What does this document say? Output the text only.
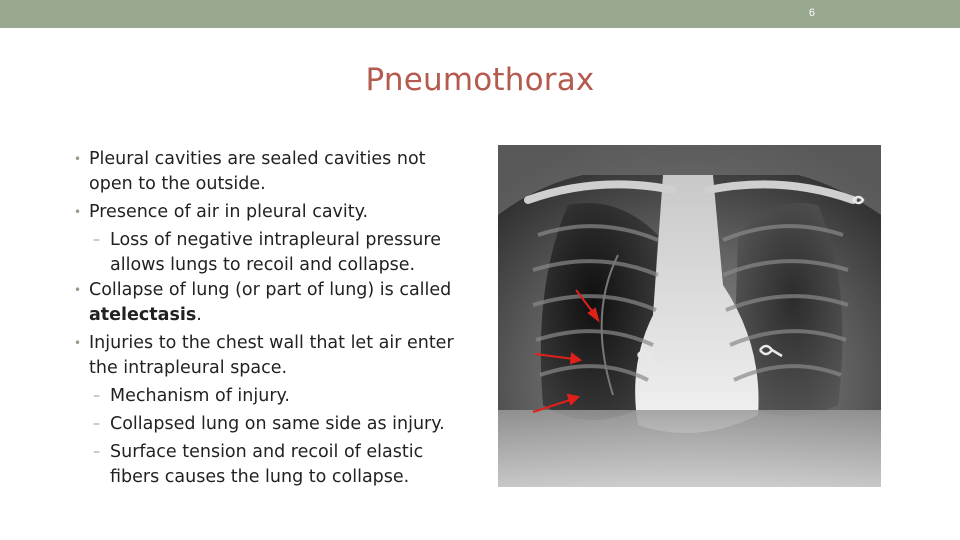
6
Pneumothorax
• Pleural cavities are sealed cavities not open to the outside.
• Presence of air in pleural cavity.
– Loss of negative intrapleural pressure allows lungs to recoil and collapse.
• Collapse of lung (or part of lung) is called atelectasis.
• Injuries to the chest wall that let air enter the intrapleural space.
– Mechanism of injury.
– Collapsed lung on same side as injury.
– Surface tension and recoil of elastic fibers causes the lung to collapse.
